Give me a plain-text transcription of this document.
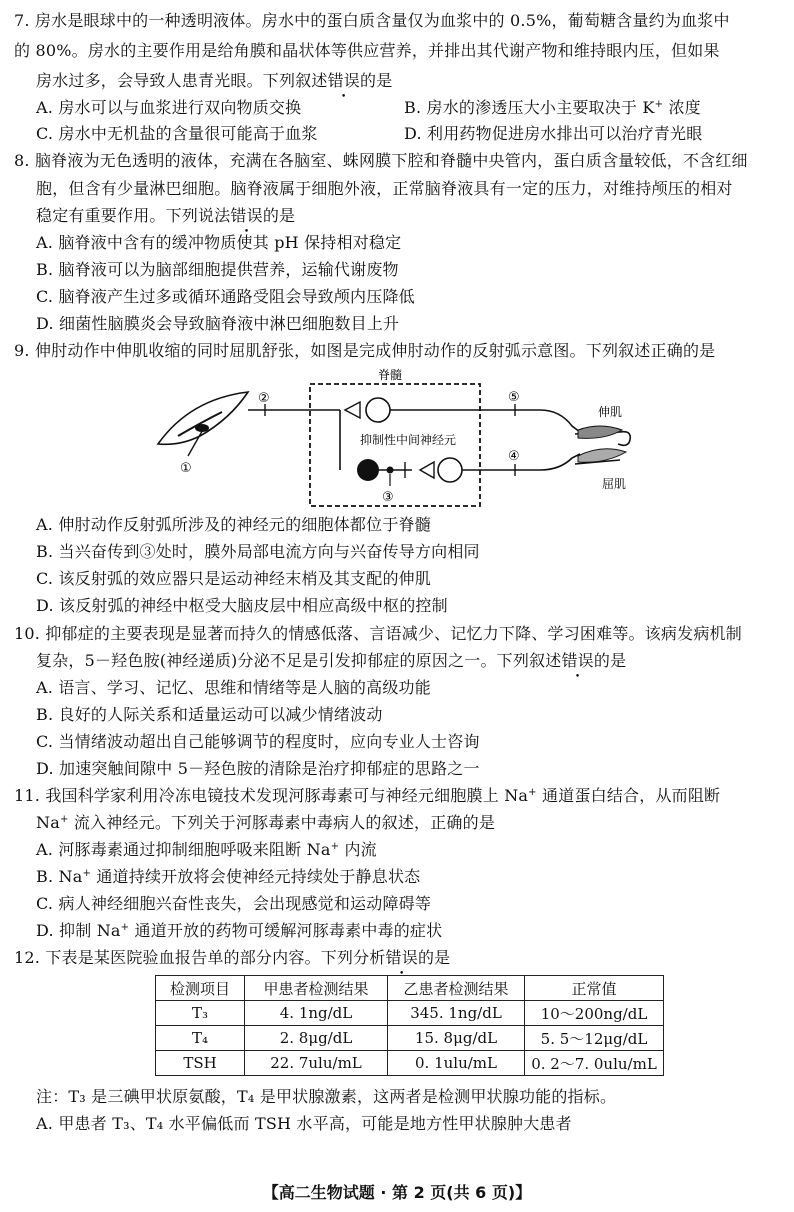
7. 房水是眼球中的一种透明液体。房水中的蛋白质含量仅为血浆中的 0.5%，葡萄糖含量约为血浆中
的 80%。房水的主要作用是给角膜和晶状体等供应营养，并排出其代谢产物和维持眼内压，但如果
房水过多，会导致人患青光眼。下列叙述错误的是
A. 房水可以与血浆进行双向物质交换	B. 房水的渗透压大小主要取决于 K+ 浓度
C. 房水中无机盐的含量很可能高于血浆	D. 利用药物促进房水排出可以治疗青光眼
8. 脑脊液为无色透明的液体，充满在各脑室、蛛网膜下腔和脊髓中央管内，蛋白质含量较低，不含红细
胞，但含有少量淋巴细胞。脑脊液属于细胞外液，正常脑脊液具有一定的压力，对维持颅压的相对
稳定有重要作用。下列说法错误的是
A. 脑脊液中含有的缓冲物质使其 pH 保持相对稳定
B. 脑脊液可以为脑部细胞提供营养，运输代谢废物
C. 脑脊液产生过多或循环通路受阻会导致颅内压降低
D. 细菌性脑膜炎会导致脑脊液中淋巴细胞数目上升
9. 伸肘动作中伸肌收缩的同时屈肌舒张，如图是完成伸肘动作的反射弧示意图。下列叙述正确的是
脊髓
①
②
抑制性中间神经元
③
⑤
④
伸肌
屈肌
A. 伸肘动作反射弧所涉及的神经元的细胞体都位于脊髓
B. 当兴奋传到③处时，膜外局部电流方向与兴奋传导方向相同
C. 该反射弧的效应器只是运动神经末梢及其支配的伸肌
D. 该反射弧的神经中枢受大脑皮层中相应高级中枢的控制
10. 抑郁症的主要表现是显著而持久的情感低落、言语减少、记忆力下降、学习困难等。该病发病机制
复杂，5－羟色胺(神经递质)分泌不足是引发抑郁症的原因之一。下列叙述错误的是
A. 语言、学习、记忆、思维和情绪等是人脑的高级功能
B. 良好的人际关系和适量运动可以减少情绪波动
C. 当情绪波动超出自己能够调节的程度时，应向专业人士咨询
D. 加速突触间隙中 5－羟色胺的清除是治疗抑郁症的思路之一
11. 我国科学家利用冷冻电镜技术发现河豚毒素可与神经元细胞膜上 Na+ 通道蛋白结合，从而阻断
Na+ 流入神经元。下列关于河豚毒素中毒病人的叙述，正确的是
A. 河豚毒素通过抑制细胞呼吸来阻断 Na+ 内流
B. Na+ 通道持续开放将会使神经元持续处于静息状态
C. 病人神经细胞兴奋性丧失，会出现感觉和运动障碍等
D. 抑制 Na+ 通道开放的药物可缓解河豚毒素中毒的症状
12. 下表是某医院验血报告单的部分内容。下列分析错误的是
检测项目	甲患者检测结果	乙患者检测结果	正常值
T₃	4. 1ng/dL	345. 1ng/dL	10～200ng/dL
T₄	2. 8μg/dL	15. 8μg/dL	5. 5～12μg/dL
TSH	22. 7ulu/mL	0. 1ulu/mL	0. 2～7. 0ulu/mL
注：T₃ 是三碘甲状原氨酸，T₄ 是甲状腺激素，这两者是检测甲状腺功能的指标。
A. 甲患者 T₃、T₄ 水平偏低而 TSH 水平高，可能是地方性甲状腺肿大患者
【高二生物试题 · 第 2 页(共 6 页)】
